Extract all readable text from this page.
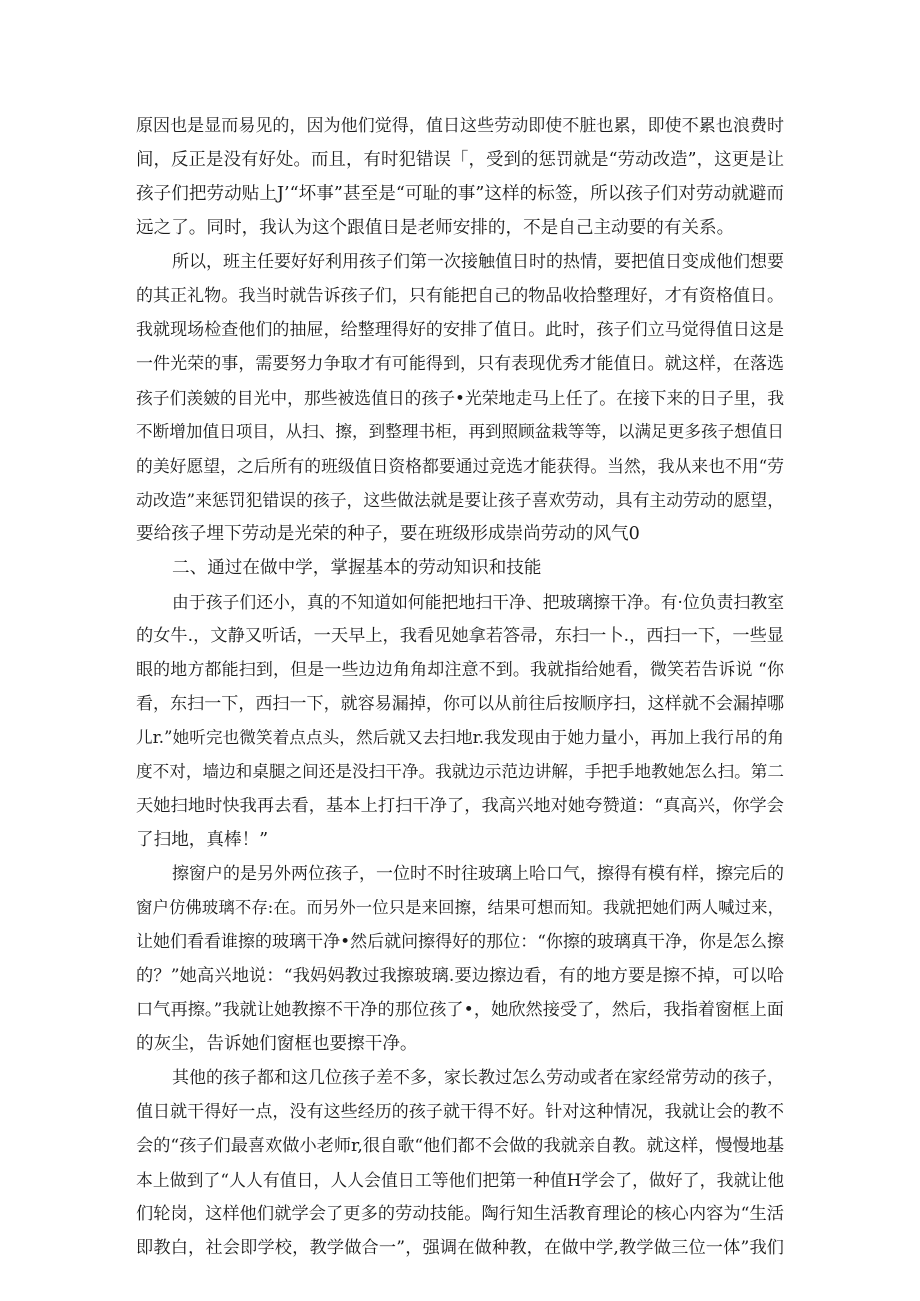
原因也是显而易见的，因为他们觉得，值日这些劳动即使不脏也累，即使不累也浪费时
间，反正是没有好处。而且，有时犯错误「，受到的惩罚就是“劳动改造”，这更是让
孩子们把劳动贴上J’“坏事”甚至是“可耻的事”这样的标签，所以孩子们对劳动就避而
远之了。同时，我认为这个跟值日是老师安排的，不是自己主动要的有关系。
所以，班主任要好好利用孩子们第一次接触值日时的热情，要把值日变成他们想要
的其正礼物。我当时就告诉孩子们，只有能把自己的物品收拾整理好，才有资格值日。
我就现场检查他们的抽屉，给整理得好的安排了值日。此时，孩子们立马觉得值日这是
一件光荣的事，需要努力争取才有可能得到，只有表现优秀才能值日。就这样，在落选
孩子们羡皴的目光中，那些被选值日的孩子•光荣地走马上任了。在接下来的日子里，我
不断增加值日项目，从扫、擦，到整理书柜，再到照顾盆栽等等，以满足更多孩子想值日
的美好愿望，之后所有的班级值日资格都要通过竞选才能获得。当然，我从来也不用“劳
动改造”来惩罚犯错误的孩子，这些做法就是要让孩子喜欢劳动，具有主动劳动的愿望，
要给孩子埋下劳动是光荣的种子，要在班级形成崇尚劳动的风气0
二、通过在做中学，掌握基本的劳动知识和技能
由于孩子们还小，真的不知道如何能把地扫干净、把玻璃擦干净。有·位负责扫教室
的女牛.，文静又听话，一天早上，我看见她拿若答帚，东扫一卜.，西扫一下，一些显
眼的地方都能扫到，但是一些边边角角却注意不到。我就指给她看，微笑若告诉说 “你
看，东扫一下，西扫一下，就容易漏掉，你可以从前往后按顺序扫，这样就不会漏掉哪
儿r.”她听完也微笑着点点头，然后就又去扫地r.我发现由于她力量小，再加上我行吊的角
度不对，墙边和桌腿之间还是没扫干净。我就边示范边讲解，手把手地教她怎么扫。第二
天她扫地时快我再去看，基本上打扫干净了，我高兴地对她夸赞道：“真高兴，你学会
了扫地，真棒！”
擦窗户的是另外两位孩子，一位时不时往玻璃上哈口气，擦得有模有样，擦完后的
窗户仿佛玻璃不存:在。而另外一位只是来回擦，结果可想而知。我就把她们两人喊过来，
让她们看看谁擦的玻璃干净•然后就问擦得好的那位：“你擦的玻璃真干净，你是怎么擦
的？”她高兴地说：“我妈妈教过我擦玻璃.要边擦边看，有的地方要是擦不掉，可以哈
口气再擦。”我就让她教擦不干净的那位孩了•，她欣然接受了，然后，我指着窗框上面
的灰尘，告诉她们窗框也要擦干净。
其他的孩子都和这几位孩子差不多，家长教过怎么劳动或者在家经常劳动的孩子，
值日就干得好一点，没有这些经历的孩子就干得不好。针对这种情况，我就让会的教不
会的“孩子们最喜欢做小老师r,很自歌“他们都不会做的我就亲自教。就这样，慢慢地基
本上做到了“人人有值日，人人会值日工等他们把第一种值H学会了，做好了，我就让他
们轮岗，这样他们就学会了更多的劳动技能。陶行知生活教育理论的核心内容为“生活
即教白，社会即学校，教学做合一”，强调在做种教，在做中学,教学做三位一体”我们
